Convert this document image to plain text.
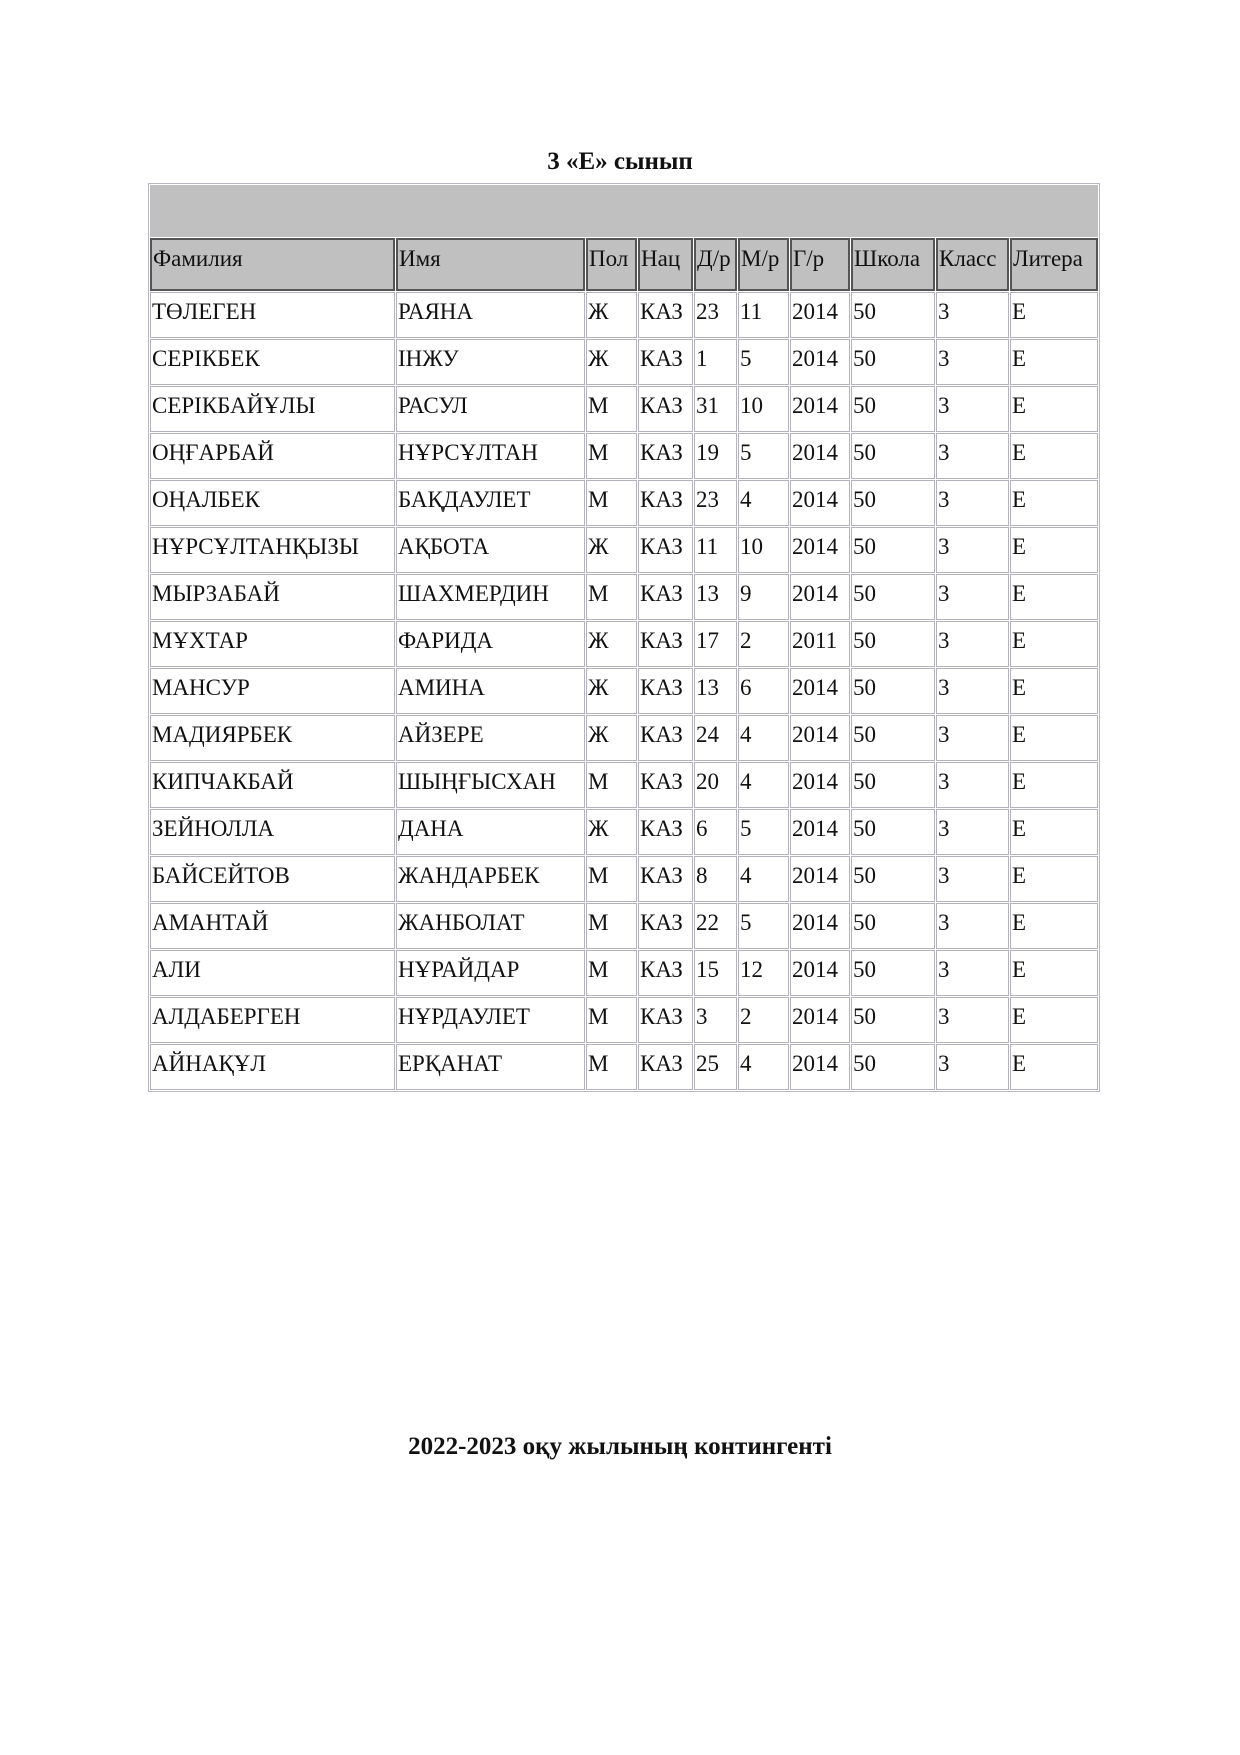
3 «Е» сынып

Фамилия	Имя	Пол	Нац	Д/р	М/р	Г/р	Школа	Класс	Литера
ТӨЛЕГЕН	РАЯНА	Ж	КАЗ	23	11	2014	50	3	Е
СЕРІКБЕК	ІНЖУ	Ж	КАЗ	1	5	2014	50	3	Е
СЕРІКБАЙҰЛЫ	РАСУЛ	М	КАЗ	31	10	2014	50	3	Е
ОҢҒАРБАЙ	НҰРСҰЛТАН	М	КАЗ	19	5	2014	50	3	Е
ОҢАЛБЕК	БАҚДАУЛЕТ	М	КАЗ	23	4	2014	50	3	Е
НҰРСҰЛТАНҚЫЗЫ	АҚБОТА	Ж	КАЗ	11	10	2014	50	3	Е
МЫРЗАБАЙ	ШАХМЕРДИН	М	КАЗ	13	9	2014	50	3	Е
МҰХТАР	ФАРИДА	Ж	КАЗ	17	2	2011	50	3	Е
МАНСУР	АМИНА	Ж	КАЗ	13	6	2014	50	3	Е
МАДИЯРБЕК	АЙЗЕРЕ	Ж	КАЗ	24	4	2014	50	3	Е
КИПЧАКБАЙ	ШЫҢҒЫСХАН	М	КАЗ	20	4	2014	50	3	Е
ЗЕЙНОЛЛА	ДАНА	Ж	КАЗ	6	5	2014	50	3	Е
БАЙСЕЙТОВ	ЖАНДАРБЕК	М	КАЗ	8	4	2014	50	3	Е
АМАНТАЙ	ЖАНБОЛАТ	М	КАЗ	22	5	2014	50	3	Е
АЛИ	НҰРАЙДАР	М	КАЗ	15	12	2014	50	3	Е
АЛДАБЕРГЕН	НҰРДАУЛЕТ	М	КАЗ	3	2	2014	50	3	Е
АЙНАҚҰЛ	ЕРҚАНАТ	М	КАЗ	25	4	2014	50	3	Е
2022-2023 оқу жылының контингенті
